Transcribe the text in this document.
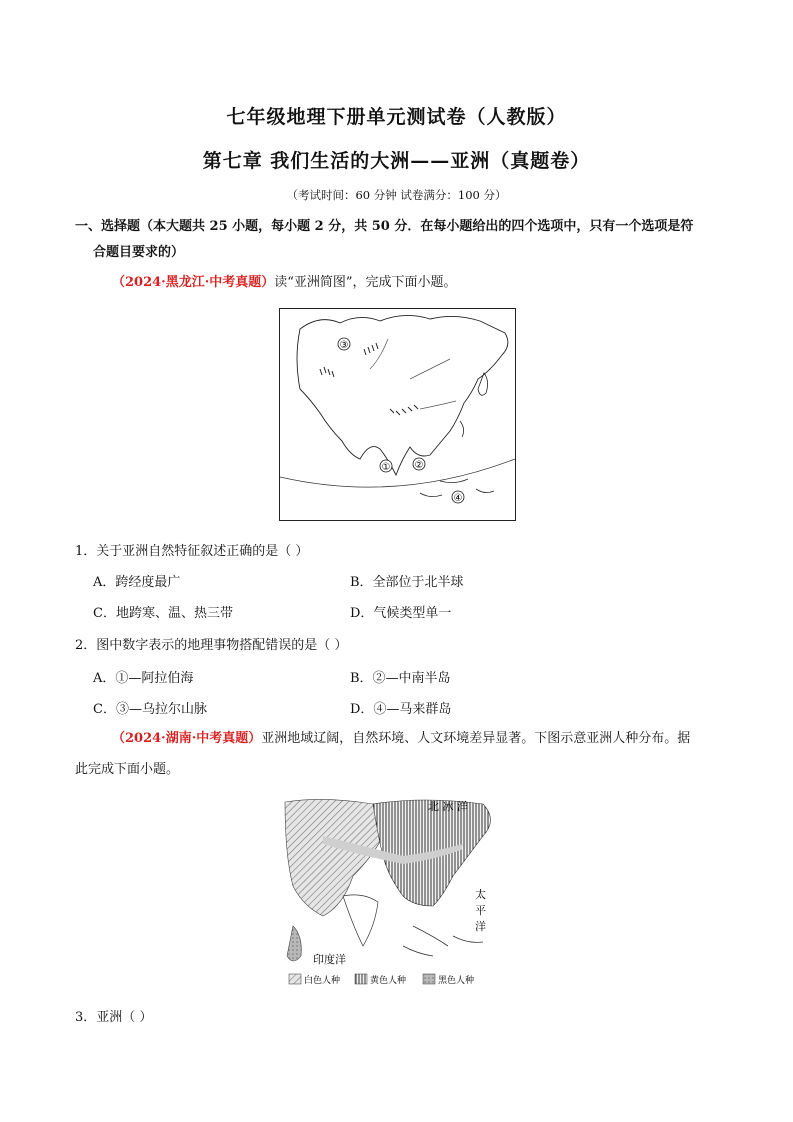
七年级地理下册单元测试卷（人教版）
第七章 我们生活的大洲——亚洲（真题卷）
（考试时间：60 分钟 试卷满分：100 分）
一、选择题（本大题共 25 小题，每小题 2 分，共 50 分．在每小题给出的四个选项中，只有一个选项是符
合题目要求的）
（2024·黑龙江·中考真题）读“亚洲简图”，完成下面小题。
③
① ②
④
1．关于亚洲自然特征叙述正确的是（ ）
A．跨经度最广	B．全部位于北半球
C．地跨寒、温、热三带	D．气候类型单一
2．图中数字表示的地理事物搭配错误的是（ ）
A．①—阿拉伯海	B．②—中南半岛
C．③—乌拉尔山脉	D．④—马来群岛
（2024·湖南·中考真题）亚洲地域辽阔，自然环境、人文环境差异显著。下图示意亚洲人种分布。据
此完成下面小题。
北 冰 洋
太
平
洋
印度洋
白色人种	黄色人种	黑色人种
3．亚洲（ ）
